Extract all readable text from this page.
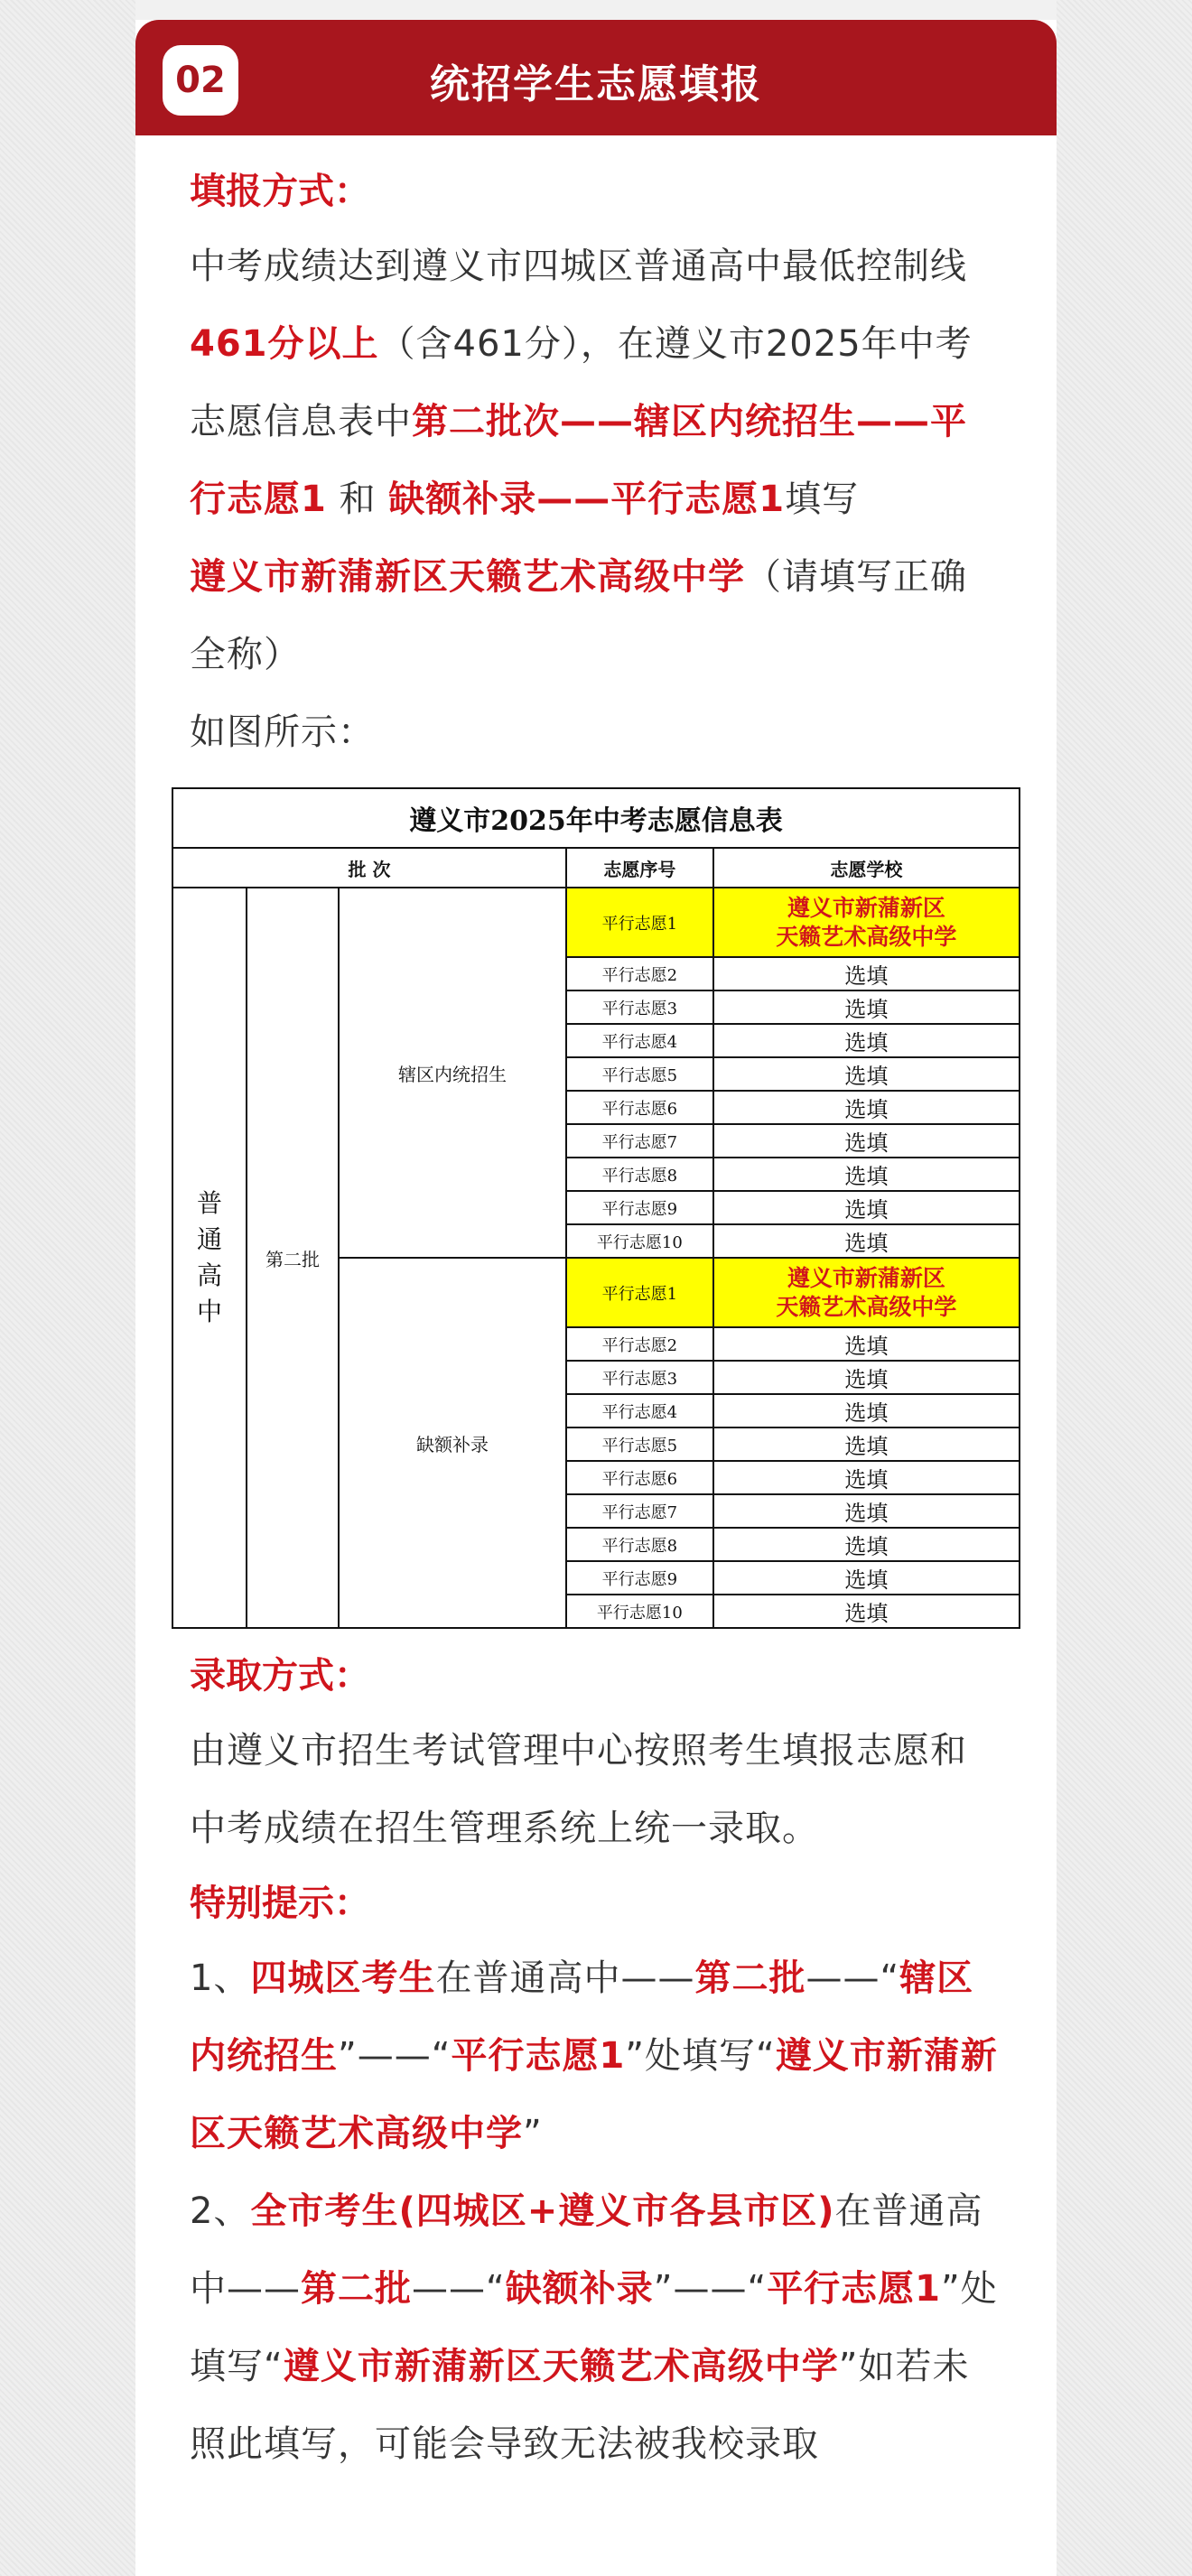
02	统招学生志愿填报
填报方式：

中考成绩达到遵义市四城区普通高中最低控制线461分以上（含461分），在遵义市2025年中考志愿信息表中第二批次——辖区内统招生——平行志愿1 和 缺额补录——平行志愿1填写
遵义市新蒲新区天籁艺术高级中学（请填写正确全称）

如图所示：

遵义市2025年中考志愿信息表				
批 次			志愿序号	志愿学校
普通高中	第二批	辖区内统招生	平行志愿1	遵义市新蒲新区
天籁艺术高级中学
			平行志愿2	选填
			平行志愿3	选填
			平行志愿4	选填
			平行志愿5	选填
			平行志愿6	选填
			平行志愿7	选填
			平行志愿8	选填
			平行志愿9	选填
			平行志愿10	选填
		缺额补录	平行志愿1	遵义市新蒲新区
天籁艺术高级中学
			平行志愿2	选填
			平行志愿3	选填
			平行志愿4	选填
			平行志愿5	选填
			平行志愿6	选填
			平行志愿7	选填
			平行志愿8	选填
			平行志愿9	选填
			平行志愿10	选填
录取方式：

由遵义市招生考试管理中心按照考生填报志愿和中考成绩在招生管理系统上统一录取。

特别提示：

1、四城区考生在普通高中——第二批——“辖区内统招生”——“平行志愿1”处填写“遵义市新蒲新区天籁艺术高级中学”

2、全市考生(四城区+遵义市各县市区)在普通高中——第二批——“缺额补录”——“平行志愿1”处填写“遵义市新蒲新区天籁艺术高级中学”如若未照此填写，可能会导致无法被我校录取
